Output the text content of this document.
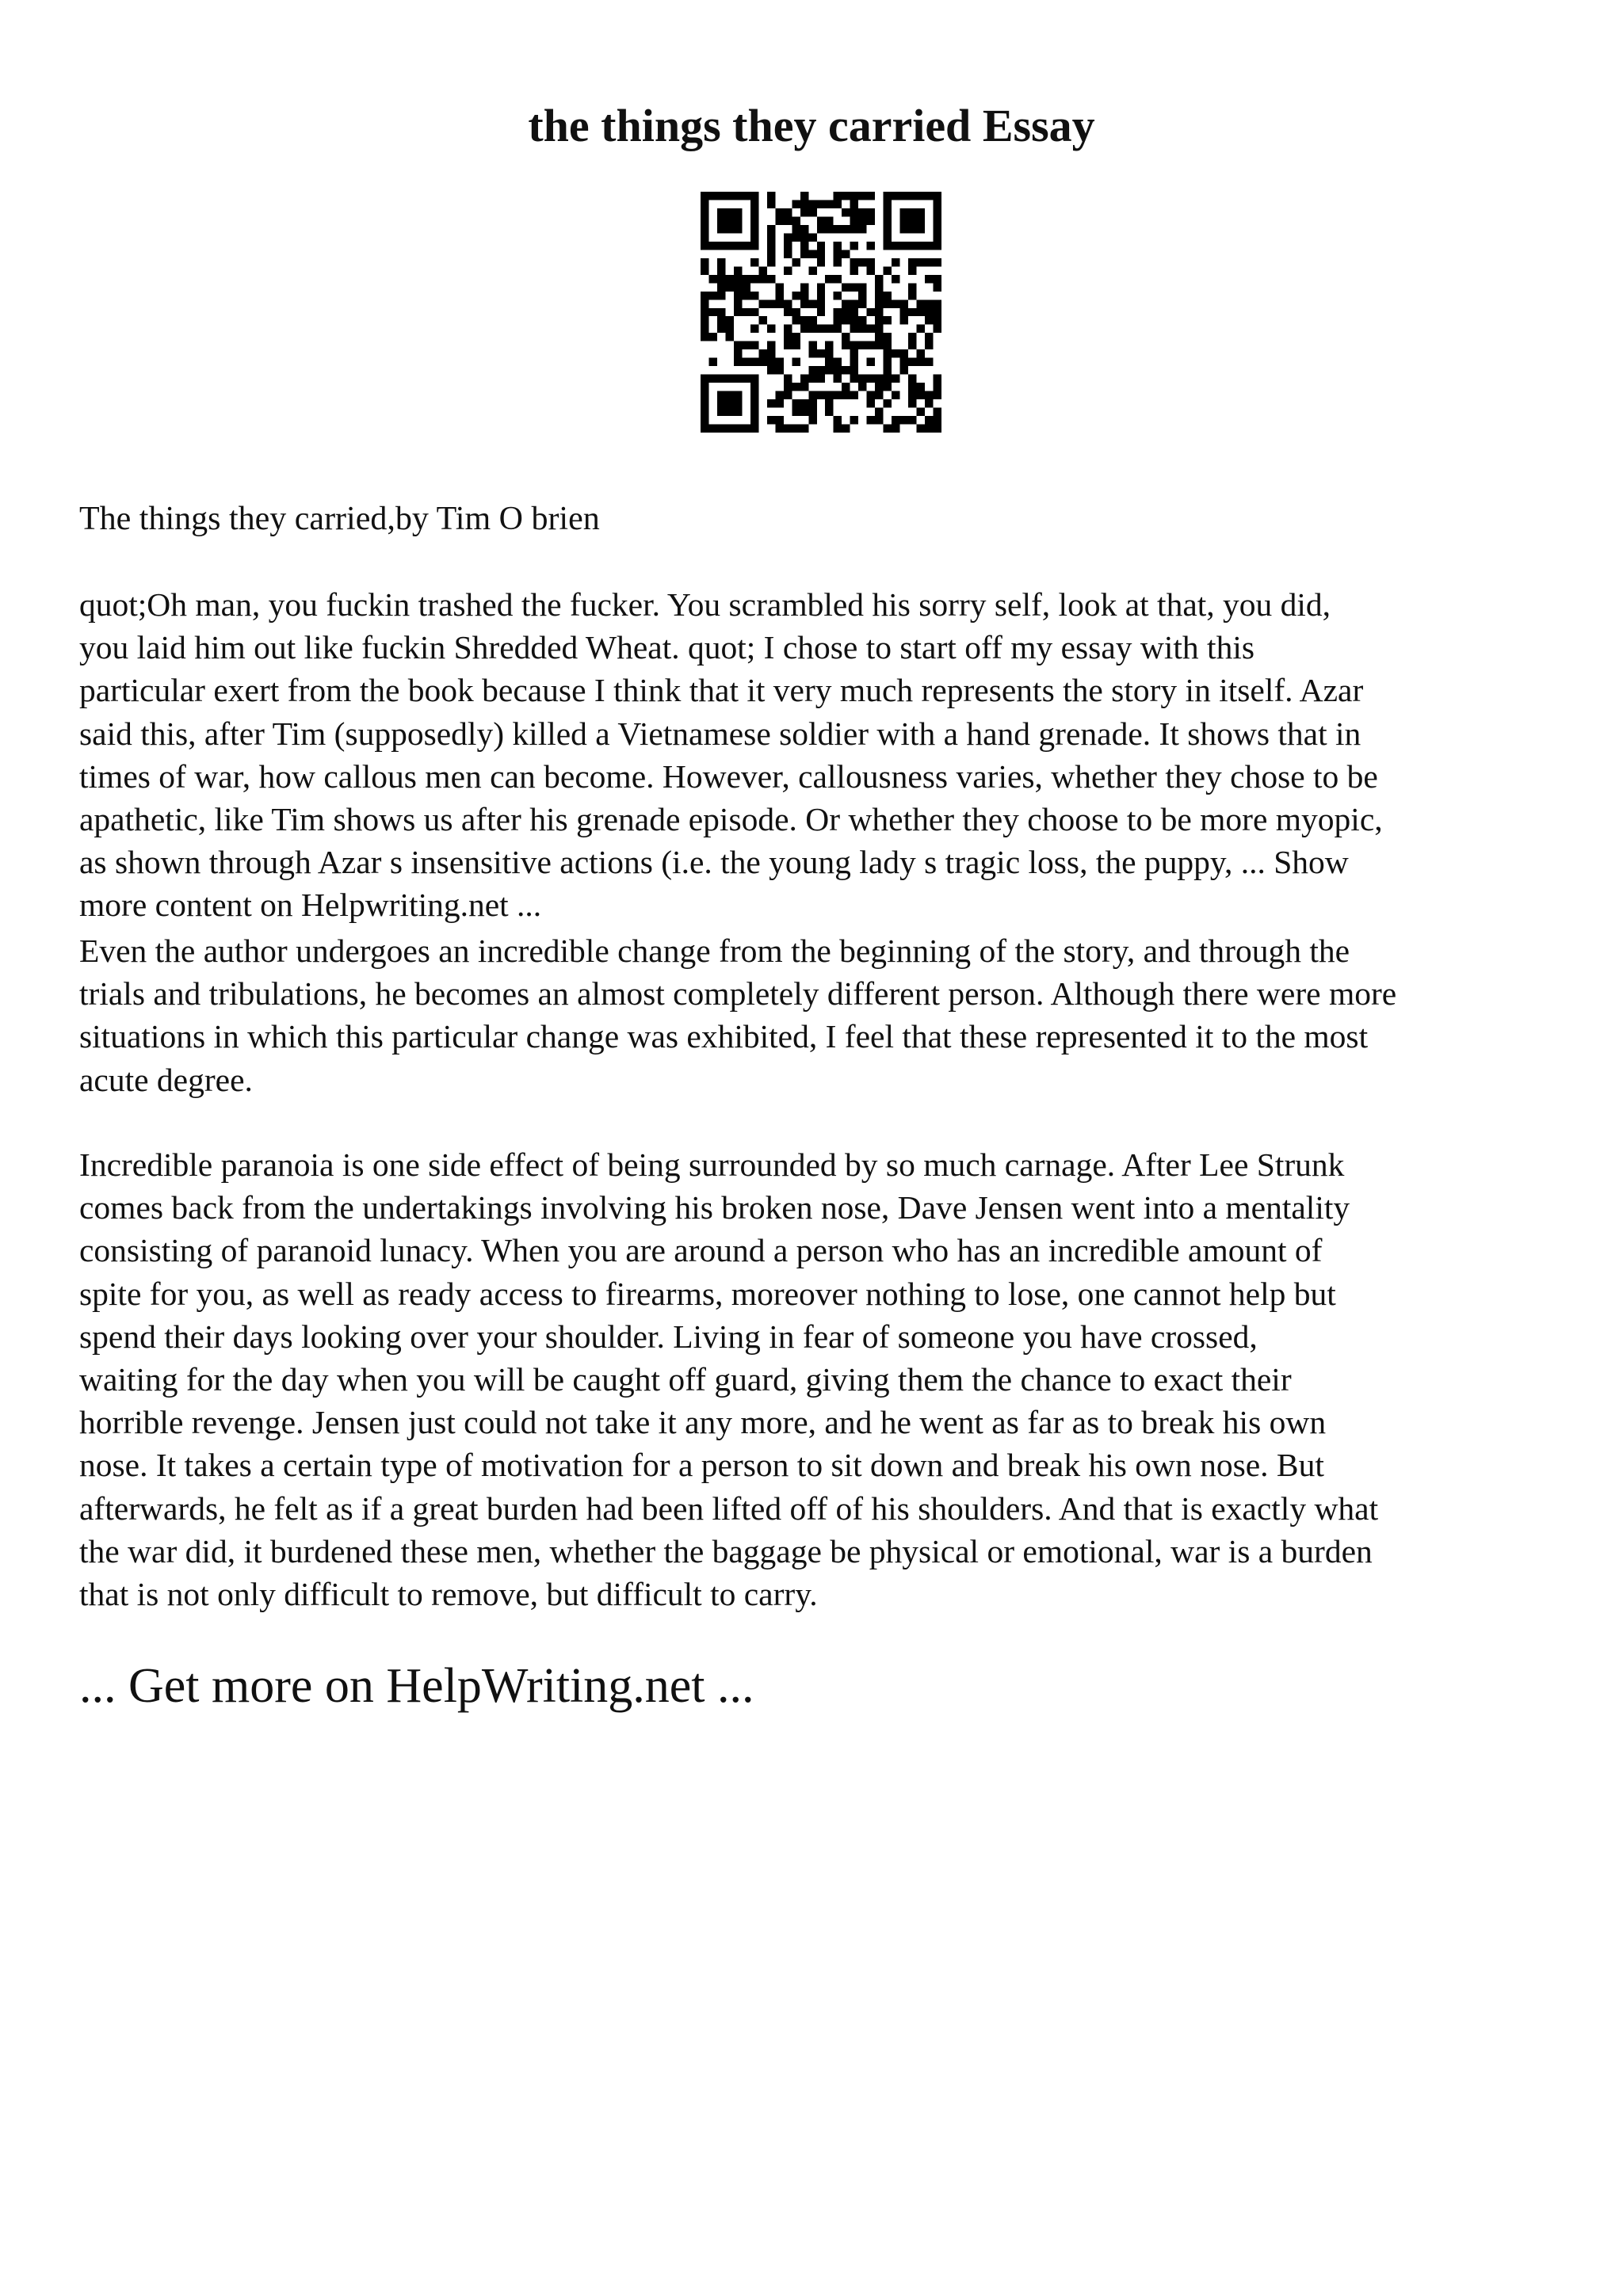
the things they carried Essay

The things they carried,by Tim O brien

quot;Oh man, you fuckin trashed the fucker. You scrambled his sorry self, look at that, you did,
you laid him out like fuckin Shredded Wheat. quot; I chose to start off my essay with this
particular exert from the book because I think that it very much represents the story in itself. Azar
said this, after Tim (supposedly) killed a Vietnamese soldier with a hand grenade. It shows that in
times of war, how callous men can become. However, callousness varies, whether they chose to be
apathetic, like Tim shows us after his grenade episode. Or whether they choose to be more myopic,
as shown through Azar s insensitive actions (i.e. the young lady s tragic loss, the puppy, ... Show
more content on Helpwriting.net ...
Even the author undergoes an incredible change from the beginning of the story, and through the
trials and tribulations, he becomes an almost completely different person. Although there were more
situations in which this particular change was exhibited, I feel that these represented it to the most
acute degree.
Incredible paranoia is one side effect of being surrounded by so much carnage. After Lee Strunk
comes back from the undertakings involving his broken nose, Dave Jensen went into a mentality
consisting of paranoid lunacy. When you are around a person who has an incredible amount of
spite for you, as well as ready access to firearms, moreover nothing to lose, one cannot help but
spend their days looking over your shoulder. Living in fear of someone you have crossed,
waiting for the day when you will be caught off guard, giving them the chance to exact their
horrible revenge. Jensen just could not take it any more, and he went as far as to break his own
nose. It takes a certain type of motivation for a person to sit down and break his own nose. But
afterwards, he felt as if a great burden had been lifted off of his shoulders. And that is exactly what
the war did, it burdened these men, whether the baggage be physical or emotional, war is a burden
that is not only difficult to remove, but difficult to carry.

... Get more on HelpWriting.net ...
